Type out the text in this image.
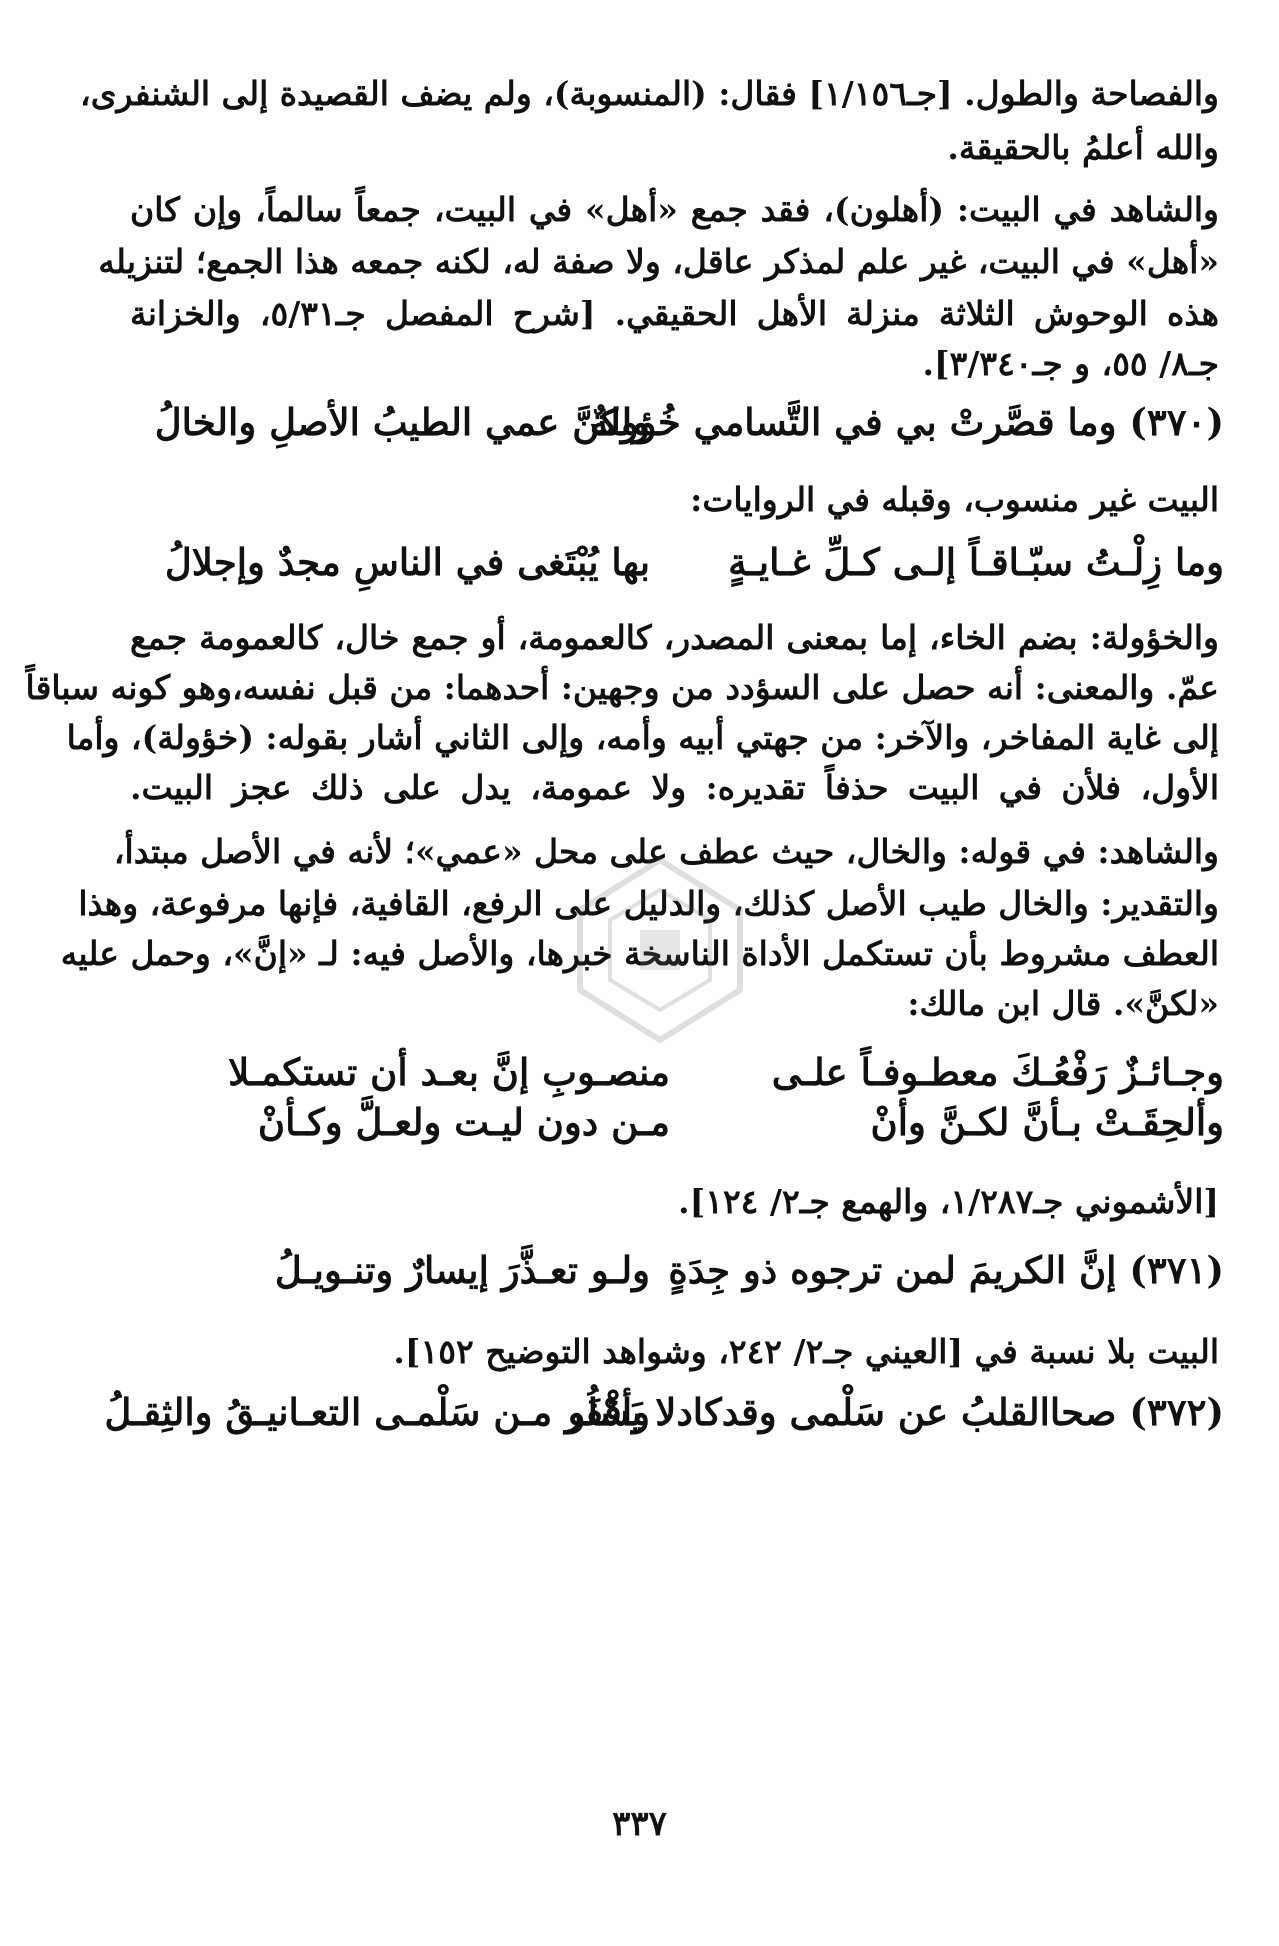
والفصاحة والطول. [جـ١/١٥٦] فقال: (المنسوبة)، ولم يضف القصيدة إلى الشنفرى،
والله أعلمُ بالحقيقة.
والشاهد في البيت: (أهلون)، فقد جمع «أهل» في البيت، جمعاً سالماً، وإن كان
«أهل» في البيت، غير علم لمذكر عاقل، ولا صفة له، لكنه جمعه هذا الجمع؛ لتنزيله
هذه الوحوش الثلاثة منزلة الأهل الحقيقي. [شرح المفصل جـ٥/٣١، والخزانة
جـ٨/ ٥٥، و جـ٣/٣٤٠].
(٣٧٠) وما قصَّرتْ بي في التَّسامي خُؤولةٌ
ولكنَّ عمي الطيبُ الأصلِ والخالُ
البيت غير منسوب، وقبله في الروايات:
وما زِلْـتُ سبّـاقـاً إلـى كـلِّ غـايـةٍ
بها يُبْتَغى في الناسِ مجدٌ وإجلالُ
والخؤولة: بضم الخاء، إما بمعنى المصدر، كالعمومة، أو جمع خال، كالعمومة جمع
عمّ. والمعنى: أنه حصل على السؤدد من وجهين: أحدهما: من قبل نفسه،وهو كونه سباقاً
إلى غاية المفاخر، والآخر: من جهتي أبيه وأمه، وإلى الثاني أشار بقوله: (خؤولة)، وأما
الأول، فلأن في البيت حذفاً تقديره: ولا عمومة، يدل على ذلك عجز البيت.
والشاهد: في قوله: والخال، حيث عطف على محل «عمي»؛ لأنه في الأصل مبتدأ،
والتقدير: والخال طيب الأصل كذلك، والدليل على الرفع، القافية، فإنها مرفوعة، وهذا
العطف مشروط بأن تستكمل الأداة الناسخة خبرها، والأصل فيه: لـ «إنَّ»، وحمل عليه
«لكنَّ». قال ابن مالك:
وجـائـزٌ رَفْعُـكَ معطـوفـاً علـى
منصـوبِ إنَّ بعـد أن تستكمـلا
وألحِقَـتْ بـأنَّ لكـنَّ وأنْ
مـن دون ليـت ولعـلَّ وكـأنْ
[الأشموني جـ١/٢٨٧، والهمع جـ٢/ ١٢٤].
(٣٧١) إنَّ الكريمَ لمن ترجوه ذو جِدَةٍ
ولـو تعـذَّرَ إيسارٌ وتنـويـلُ
البيت بلا نسبة في [العيني جـ٢/ ٢٤٢، وشواهد التوضيح ١٥٢].
(٣٧٢) صحاالقلبُ عن سَلْمى وقدكادلا يَسْلُو
وأقْفَر مـن سَلْمـى التعـانيـقُ والثِقـلُ
٣٣٧
